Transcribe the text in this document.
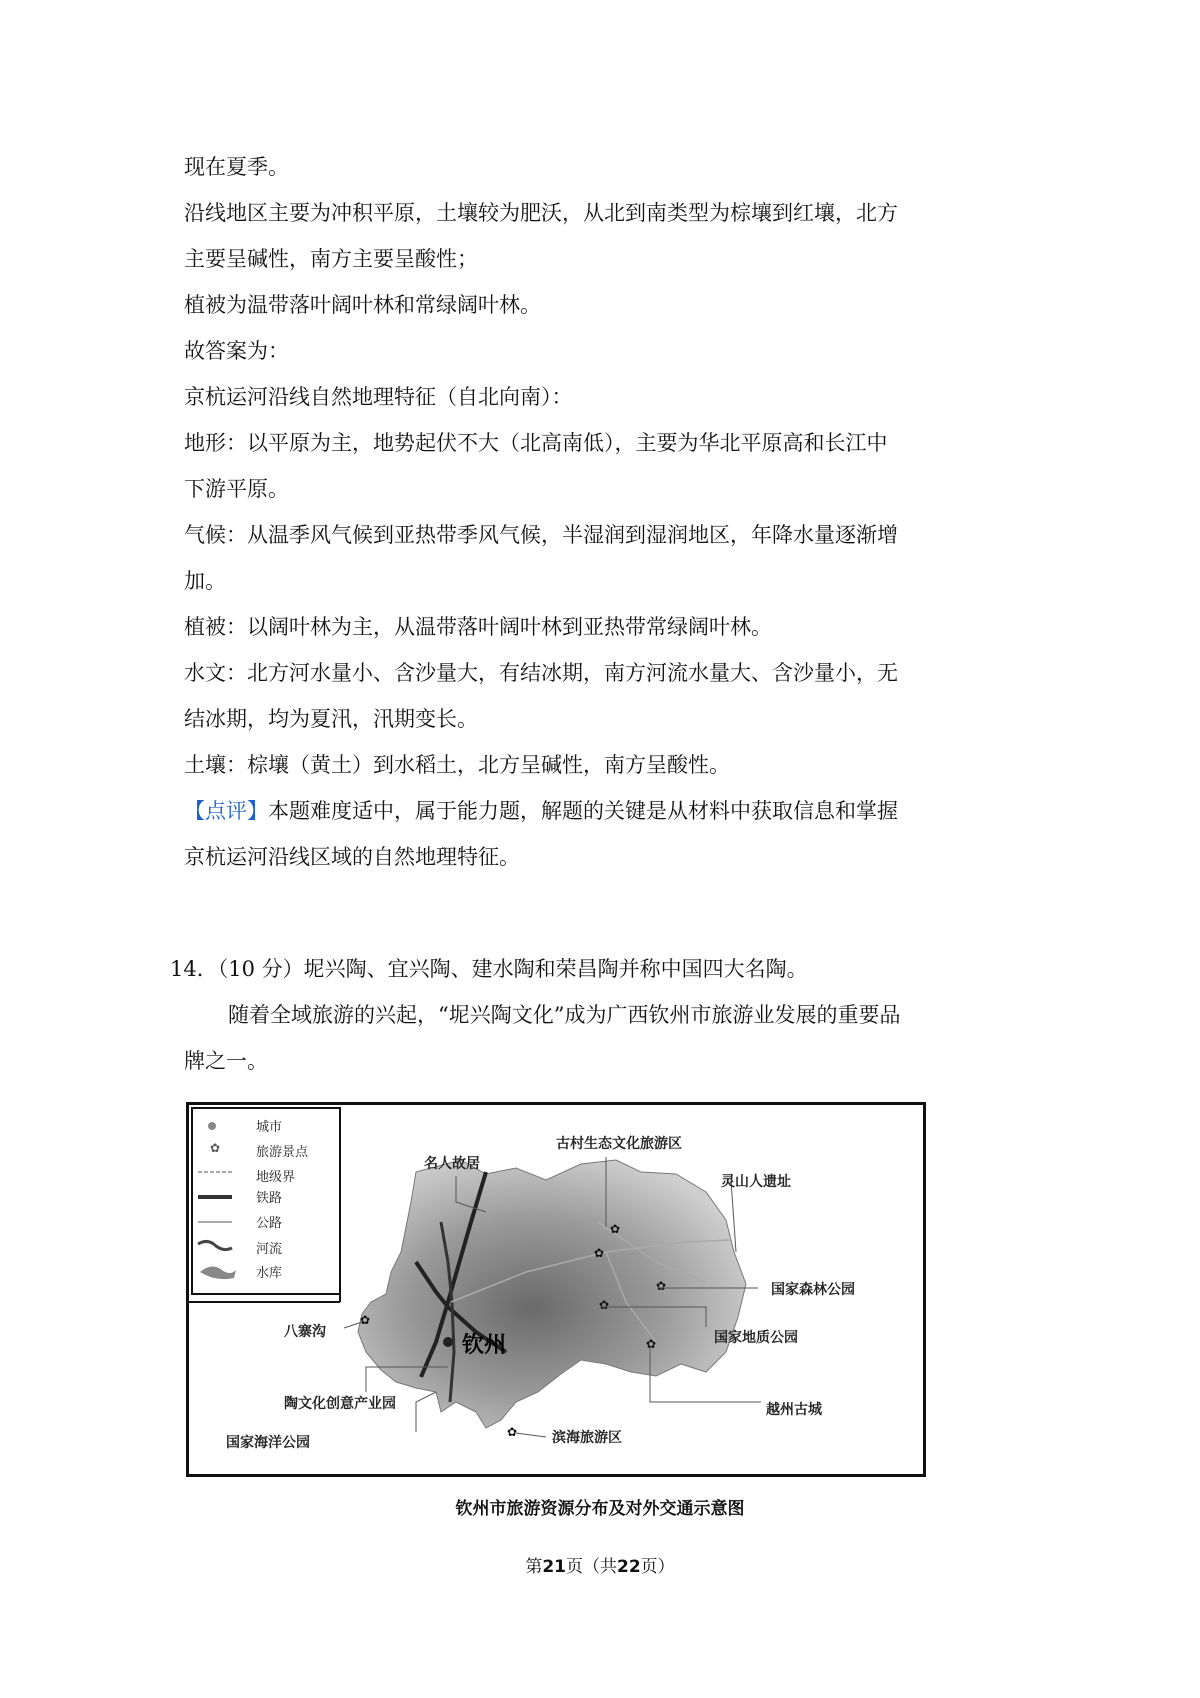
现在夏季。

沿线地区主要为冲积平原，土壤较为肥沃，从北到南类型为棕壤到红壤，北方

主要呈碱性，南方主要呈酸性；

植被为温带落叶阔叶林和常绿阔叶林。

故答案为：

京杭运河沿线自然地理特征（自北向南）：

地形：以平原为主，地势起伏不大（北高南低），主要为华北平原高和长江中

下游平原。

气候：从温季风气候到亚热带季风气候，半湿润到湿润地区，年降水量逐渐增

加。

植被：以阔叶林为主，从温带落叶阔叶林到亚热带常绿阔叶林。

水文：北方河水量小、含沙量大，有结冰期，南方河流水量大、含沙量小，无

结冰期，均为夏汛，汛期变长。

土壤：棕壤（黄土）到水稻土，北方呈碱性，南方呈酸性。

【点评】本题难度适中，属于能力题，解题的关键是从材料中获取信息和掌握

京杭运河沿线区域的自然地理特征。

14．（10 分）坭兴陶、宜兴陶、建水陶和荣昌陶并称中国四大名陶。

随着全域旅游的兴起，“坭兴陶文化”成为广西钦州市旅游业发展的重要品

牌之一。

✿
城市
旅游景点
地级界
铁路
公路
河流
水库
钦州
✿
✿
✿
✿
✿
✿
✿
古村生态文化旅游区
名人故居
灵山人遗址
国家森林公园
国家地质公园
八寨沟
陶文化创意产业园	越州古城
国家海洋公园	滨海旅游区
钦州市旅游资源分布及对外交通示意图
第21页（共22页）
